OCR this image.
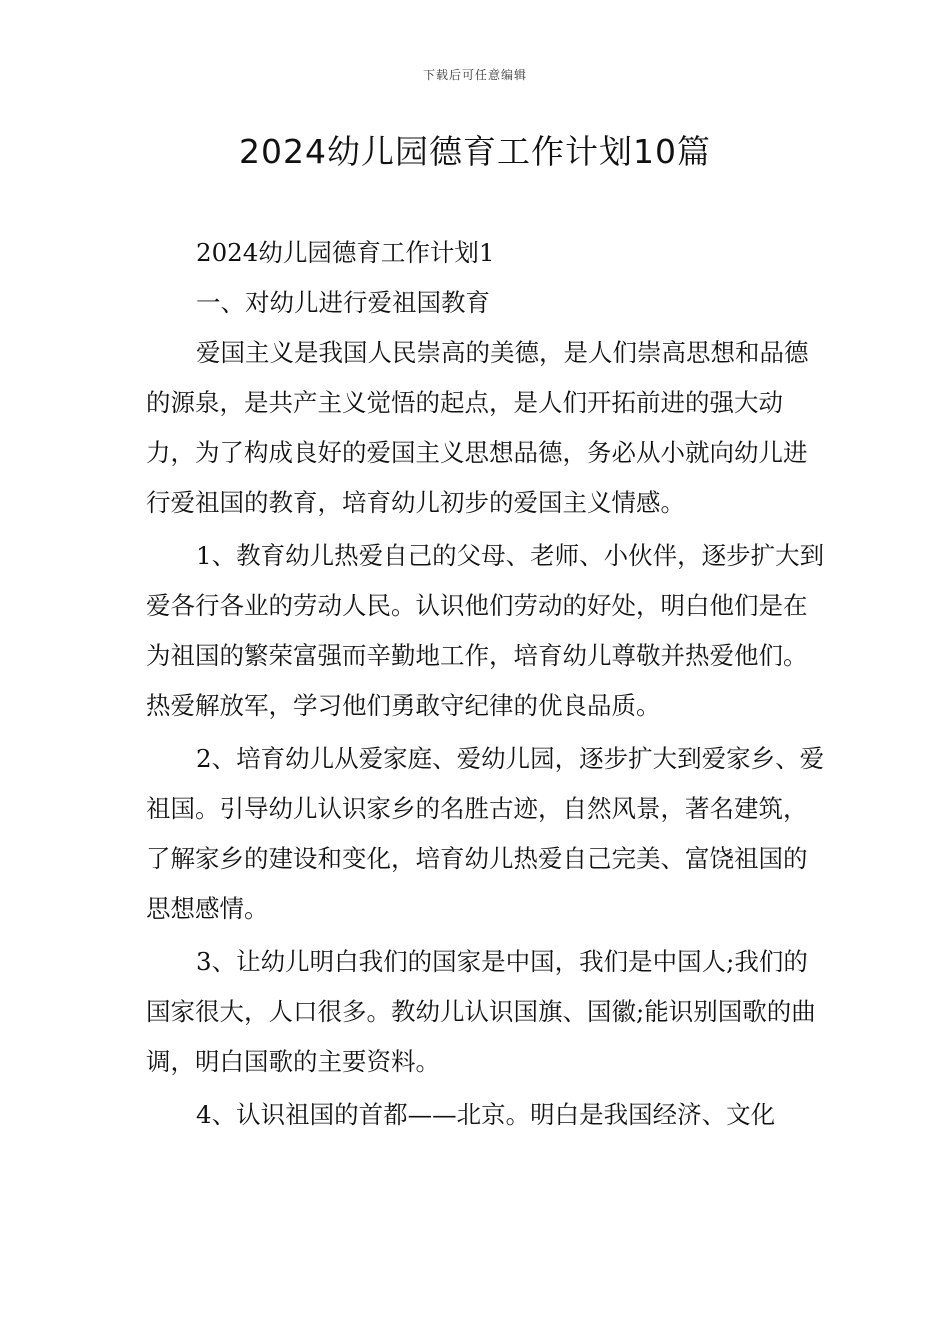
下载后可任意编辑
2024幼儿园德育工作计划10篇

2024幼儿园德育工作计划1

一、对幼儿进行爱祖国教育

爱国主义是我国人民崇高的美德，是人们崇高思想和品德的源泉，是共产主义觉悟的起点，是人们开拓前进的强大动力，为了构成良好的爱国主义思想品德，务必从小就向幼儿进行爱祖国的教育，培育幼儿初步的爱国主义情感。

1、教育幼儿热爱自己的父母、老师、小伙伴，逐步扩大到爱各行各业的劳动人民。认识他们劳动的好处，明白他们是在为祖国的繁荣富强而辛勤地工作，培育幼儿尊敬并热爱他们。热爱解放军，学习他们勇敢守纪律的优良品质。

2、培育幼儿从爱家庭、爱幼儿园，逐步扩大到爱家乡、爱祖国。引导幼儿认识家乡的名胜古迹，自然风景，著名建筑，了解家乡的建设和变化，培育幼儿热爱自己完美、富饶祖国的思想感情。

3、让幼儿明白我们的国家是中国，我们是中国人;我们的国家很大，人口很多。教幼儿认识国旗、国徽;能识别国歌的曲调，明白国歌的主要资料。

4、认识祖国的首都——北京。明白是我国经济、文化
